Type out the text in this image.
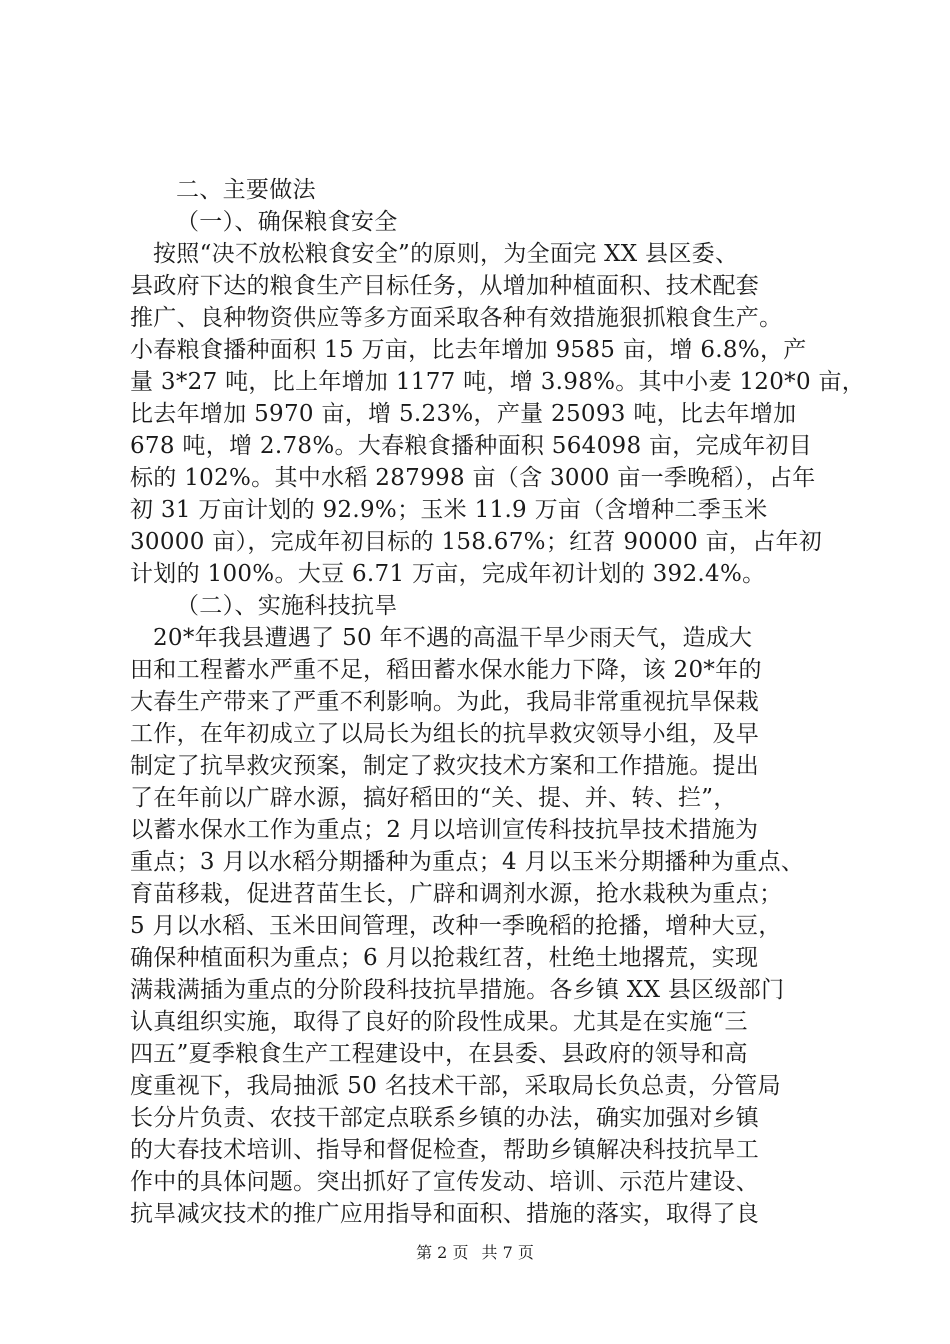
二、主要做法
（一）、确保粮食安全
按照“决不放松粮食安全”的原则，为全面完 XX 县区委、
县政府下达的粮食生产目标任务，从增加种植面积、技术配套
推广、良种物资供应等多方面采取各种有效措施狠抓粮食生产。
小春粮食播种面积 15 万亩，比去年增加 9585 亩，增 6.8%，产
量 3*27 吨，比上年增加 1177 吨，增 3.98%。其中小麦 120*0 亩，
比去年增加 5970 亩，增 5.23%，产量 25093 吨，比去年增加
678 吨，增 2.78%。大春粮食播种面积 564098 亩，完成年初目
标的 102%。其中水稻 287998 亩（含 3000 亩一季晚稻），占年
初 31 万亩计划的 92.9%；玉米 11.9 万亩（含增种二季玉米
30000 亩），完成年初目标的 158.67%；红苕 90000 亩，占年初
计划的 100%。大豆 6.71 万亩，完成年初计划的 392.4%。
（二）、实施科技抗旱
20*年我县遭遇了 50 年不遇的高温干旱少雨天气，造成大
田和工程蓄水严重不足，稻田蓄水保水能力下降，该 20*年的
大春生产带来了严重不利影响。为此，我局非常重视抗旱保栽
工作，在年初成立了以局长为组长的抗旱救灾领导小组，及早
制定了抗旱救灾预案，制定了救灾技术方案和工作措施。提出
了在年前以广辟水源，搞好稻田的“关、提、并、转、拦”，
以蓄水保水工作为重点；2 月以培训宣传科技抗旱技术措施为
重点；3 月以水稻分期播种为重点；4 月以玉米分期播种为重点、
育苗移栽，促进苕苗生长，广辟和调剂水源，抢水栽秧为重点；
5 月以水稻、玉米田间管理，改种一季晚稻的抢播，增种大豆，
确保种植面积为重点；6 月以抢栽红苕，杜绝土地撂荒，实现
满栽满插为重点的分阶段科技抗旱措施。各乡镇 XX 县区级部门
认真组织实施，取得了良好的阶段性成果。尤其是在实施“三
四五”夏季粮食生产工程建设中，在县委、县政府的领导和高
度重视下，我局抽派 50 名技术干部，采取局长负总责，分管局
长分片负责、农技干部定点联系乡镇的办法，确实加强对乡镇
的大春技术培训、指导和督促检查，帮助乡镇解决科技抗旱工
作中的具体问题。突出抓好了宣传发动、培训、示范片建设、
抗旱减灾技术的推广应用指导和面积、措施的落实，取得了良
第 2 页 共 7 页
